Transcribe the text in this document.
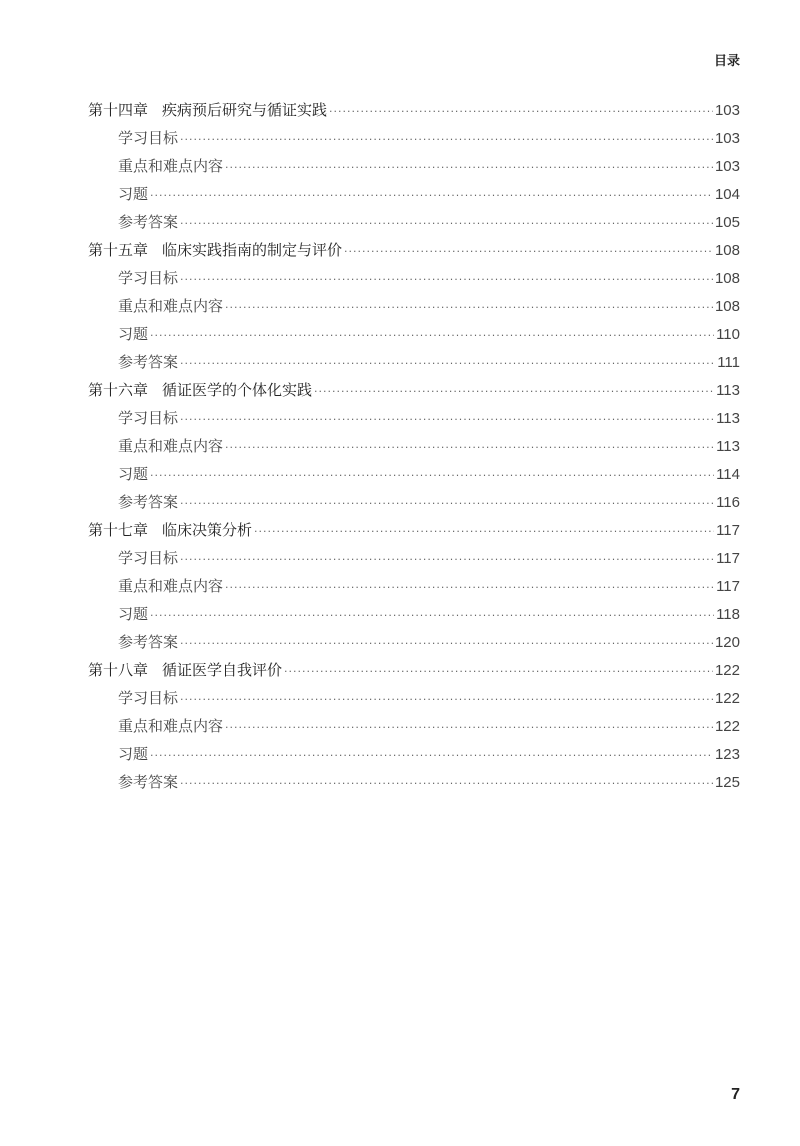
目录
第十四章 疾病预后研究与循证实践 ·····	103
学习目标 ·····	103
重点和难点内容 ·····	103
习题 ·····	104
参考答案 ·····	105
第十五章 临床实践指南的制定与评价 ·····	108
学习目标 ·····	108
重点和难点内容 ·····	108
习题 ·····	110
参考答案 ·····	111
第十六章 循证医学的个体化实践 ·····	113
学习目标 ·····	113
重点和难点内容 ·····	113
习题 ·····	114
参考答案 ·····	116
第十七章 临床决策分析 ·····	117
学习目标 ·····	117
重点和难点内容 ·····	117
习题 ·····	118
参考答案 ·····	120
第十八章 循证医学自我评价 ·····	122
学习目标 ·····	122
重点和难点内容 ·····	122
习题 ·····	123
参考答案 ·····	125
7
